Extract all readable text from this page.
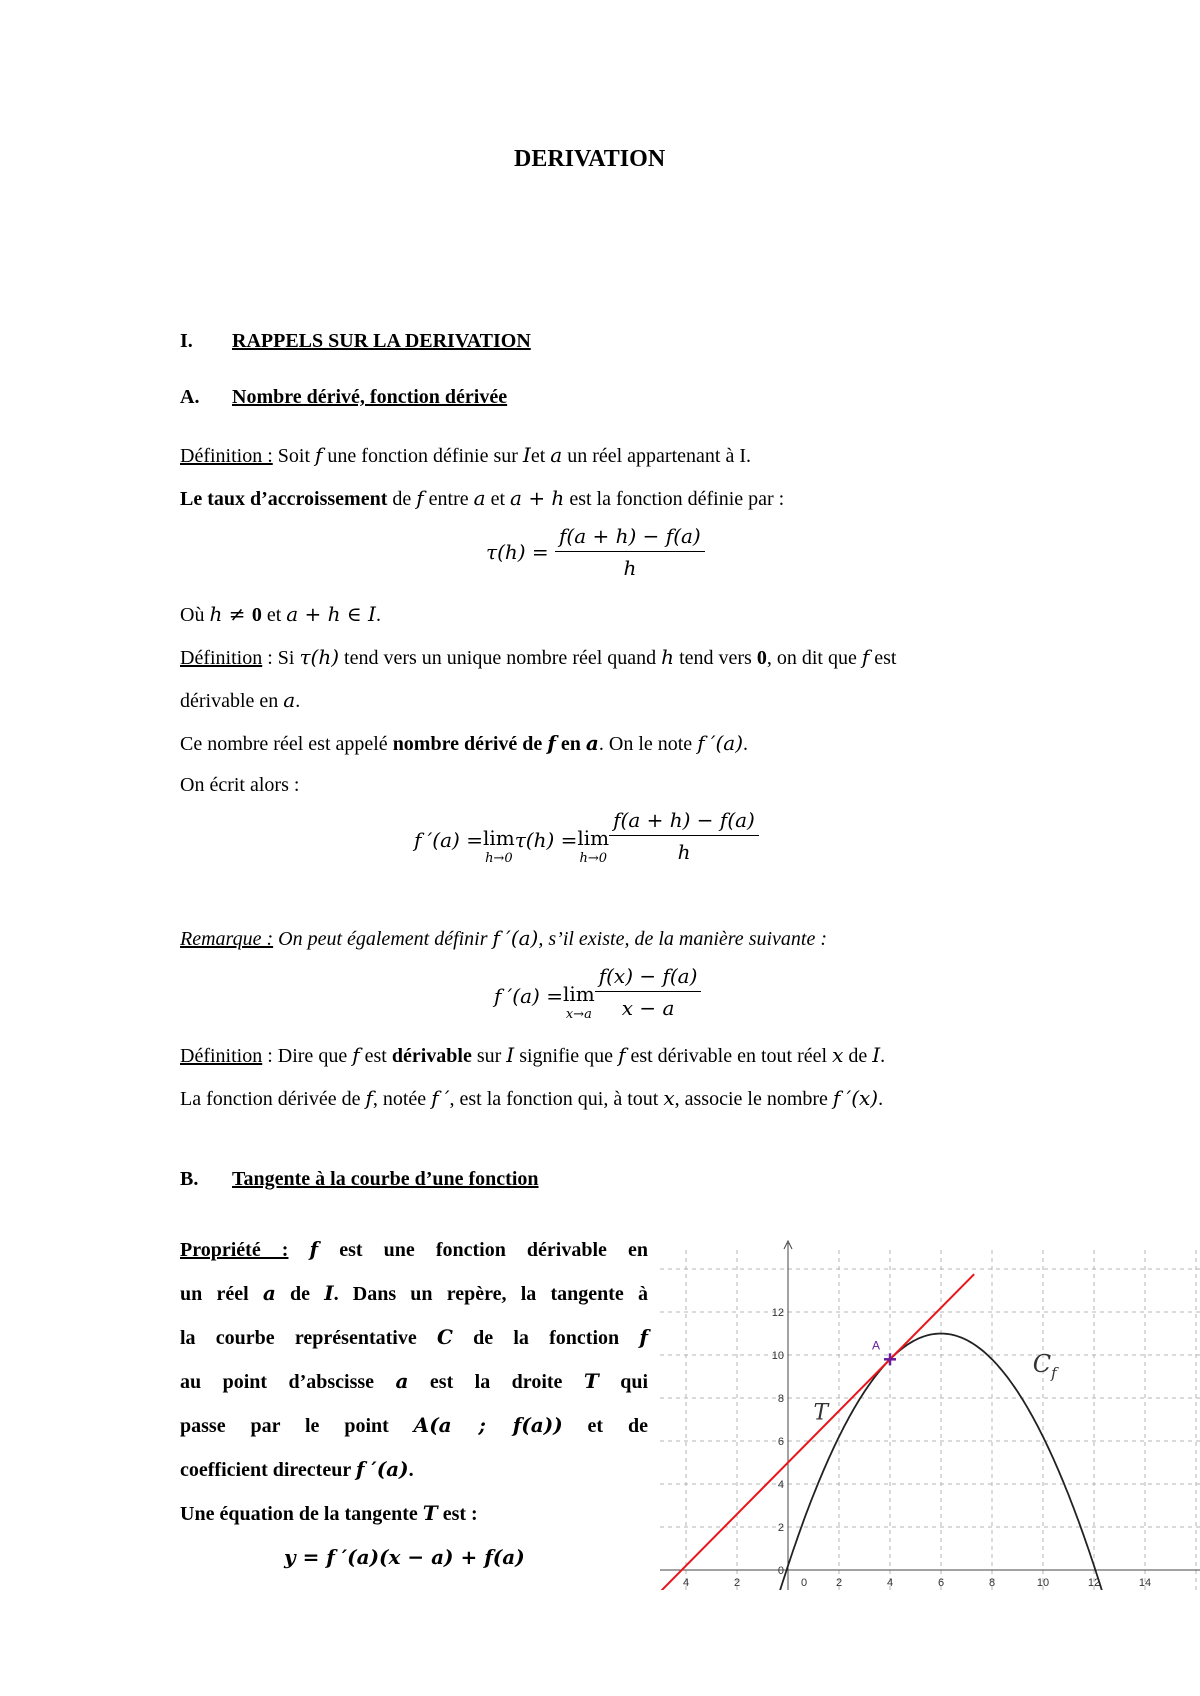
DERIVATION
I. RAPPELS SUR LA DERIVATION
A. Nombre dérivé, fonction dérivée
Définition : Soit f une fonction définie sur Iet a un réel appartenant à I.
Le taux d’accroissement de f entre a et a + h est la fonction définie par :
$\tau(h) = \frac{f(a + h) - f(a)}{h}$
Où h ≠ 0 et a + h ∈ I.
Définition : Si τ(h) tend vers un unique nombre réel quand h tend vers 0, on dit que f est
dérivable en a.
Ce nombre réel est appelé nombre dérivé de f en a. On le note f ′(a).
On écrit alors :
f ′(a) =lim
h→0
τ(h) =lim
$h\to 0 \frac{f(a + h) - f(a)}{h}$
Remarque : On peut également définir f ′(a), s’il existe, de la manière suivante :
f ′(a) =lim
$x\to a \frac{f(x) - f(a)}{x - a}$
Définition : Dire que f est dérivable sur I signifie que f est dérivable en tout réel x de I.
La fonction dérivée de f, notée f ′, est la fonction qui, à tout x, associe le nombre f ′(x).
B. Tangente à la courbe d’une fonction
Propriété : f est une fonction dérivable en
un réel a de I. Dans un repère, la tangente à
la courbe représentative C de la fonction f
au point d’abscisse a est la droite T qui
passe par le point A(a ; f(a)) et de
coefficient directeur f ′(a).
Une équation de la tangente T est :
y = f ′(a)(x − a) + f(a)
4	2	0	2	4	6	8	10	12	14
12
10
8
6
4
2
0
A
T
$C_f$
